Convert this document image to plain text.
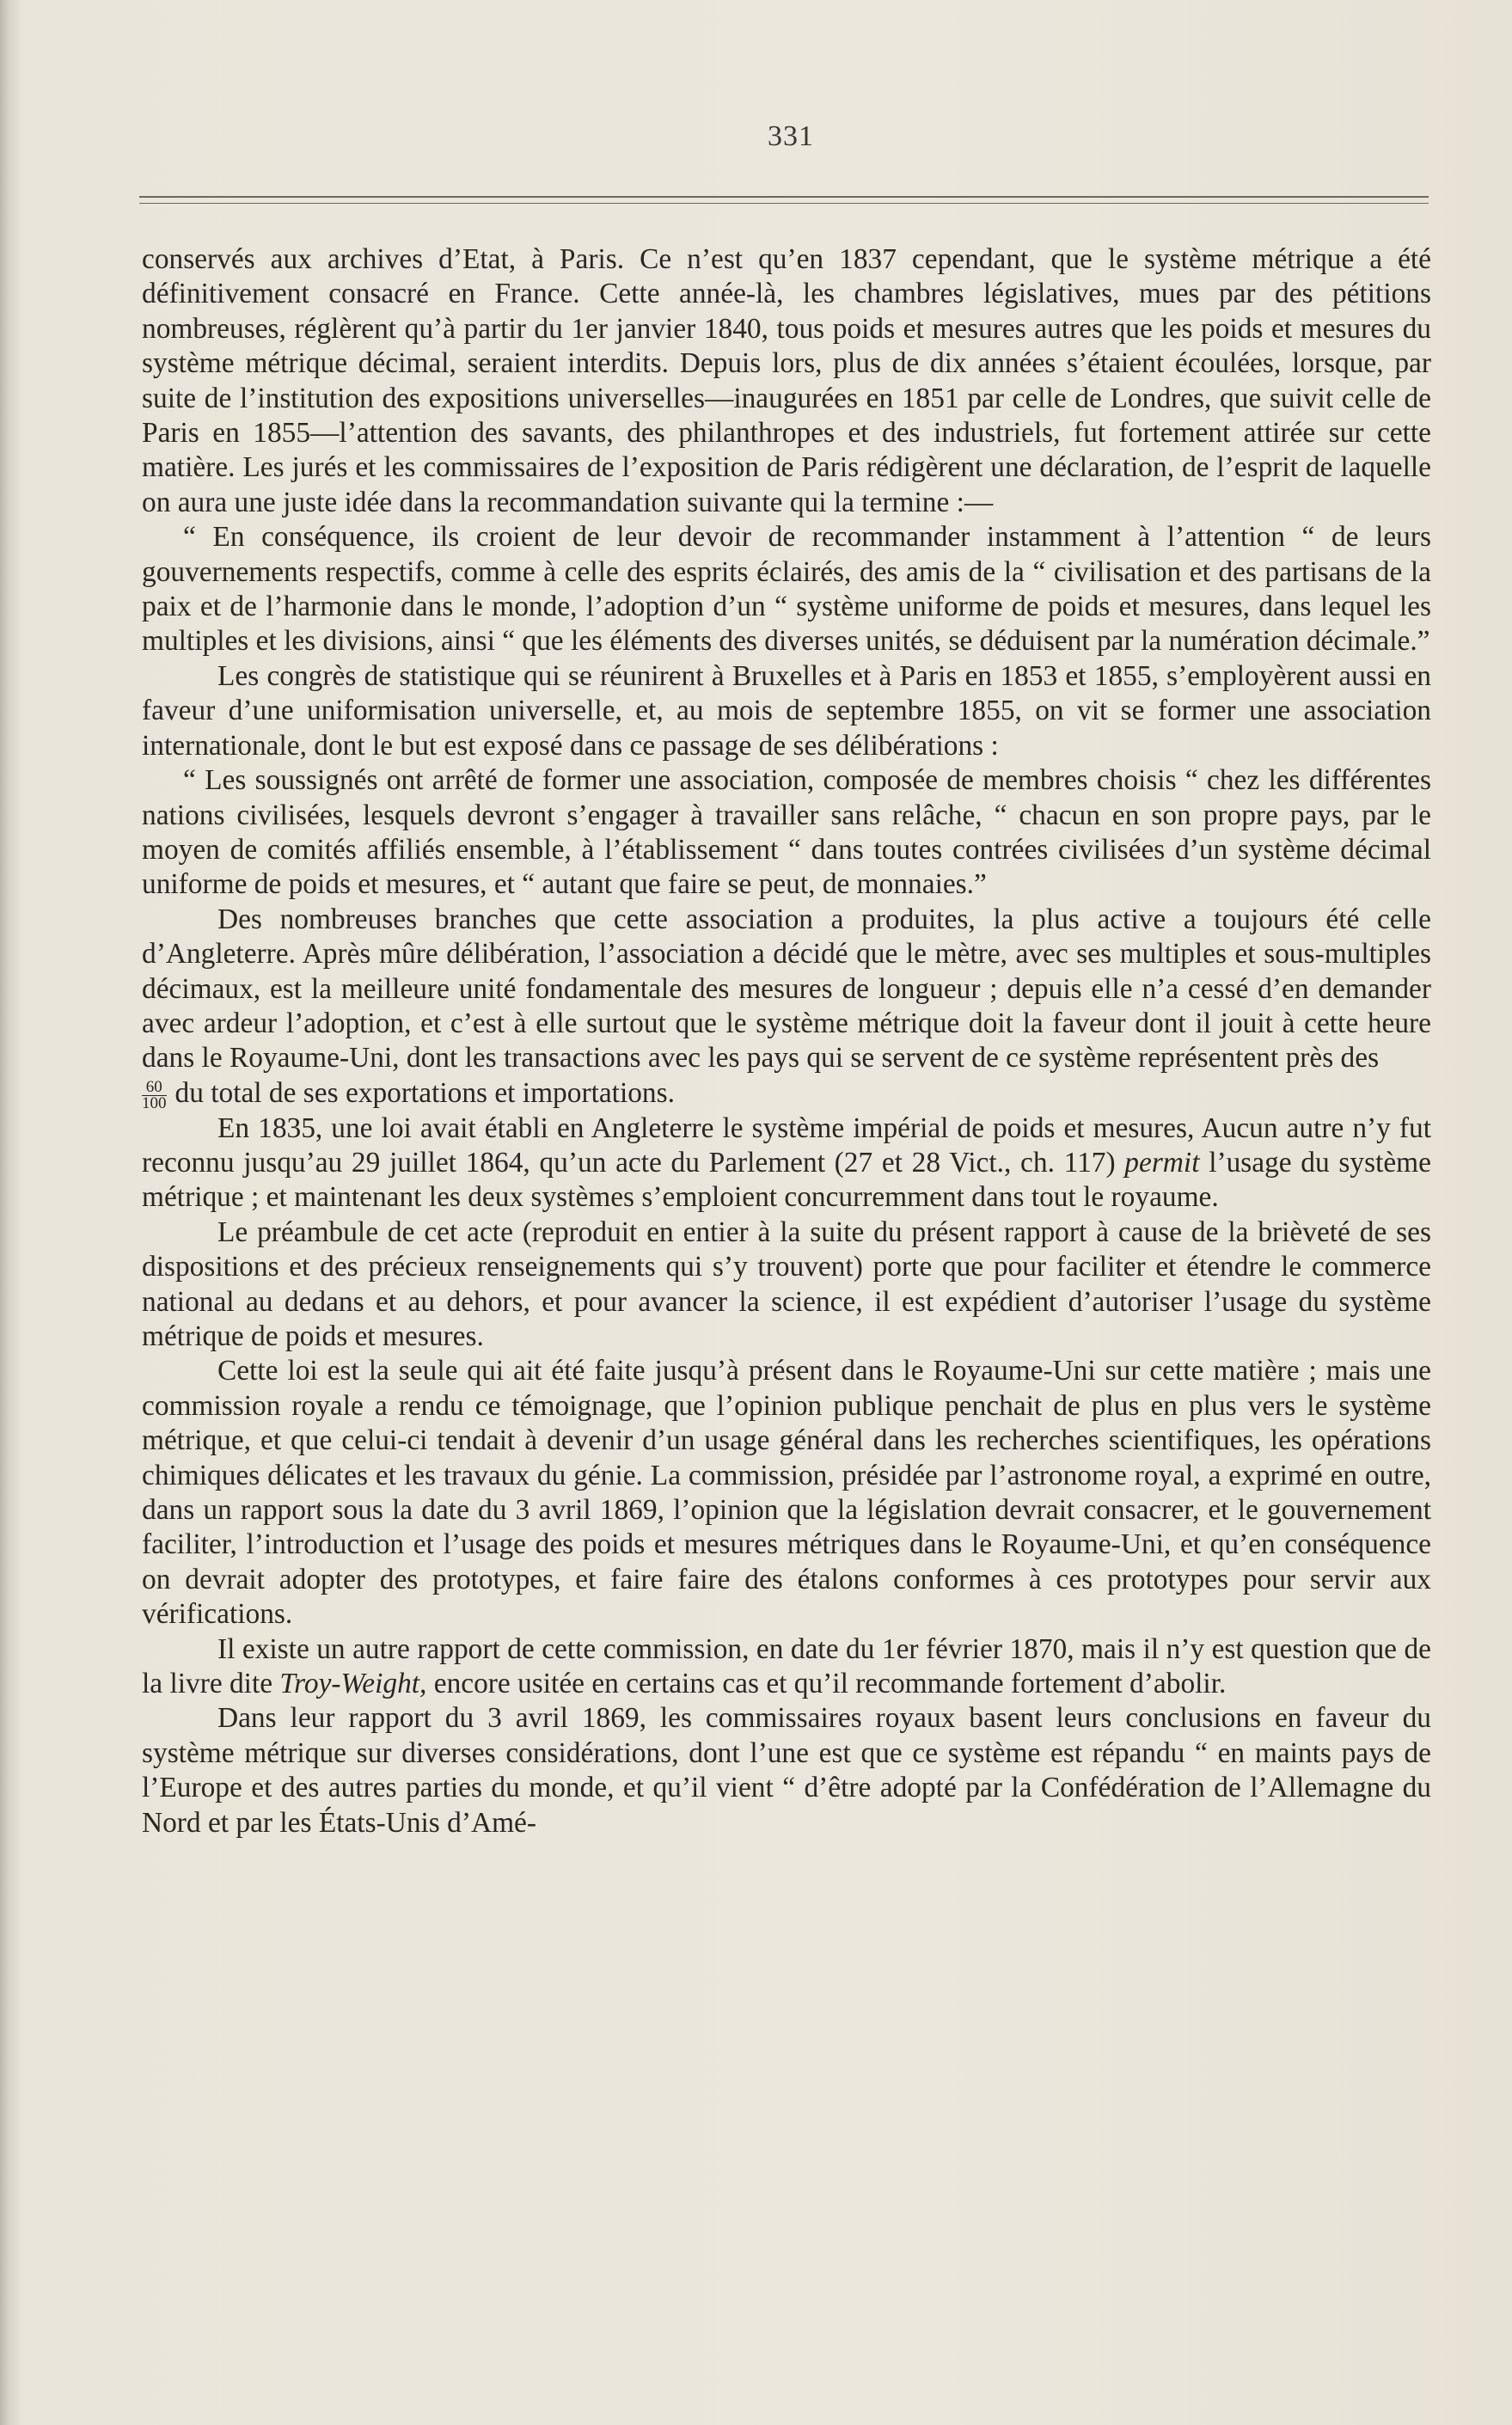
331

conservés aux archives d’Etat, à Paris. Ce n’est qu’en 1837 cependant, que le système métrique a été définitivement consacré en France. Cette année-là, les chambres législatives, mues par des pétitions nombreuses, réglèrent qu’à partir du 1er janvier 1840, tous poids et mesures autres que les poids et mesures du système métrique décimal, seraient interdits. Depuis lors, plus de dix années s’étaient écoulées, lorsque, par suite de l’institution des expositions universelles—inaugurées en 1851 par celle de Londres, que suivit celle de Paris en 1855—l’attention des savants, des philanthropes et des industriels, fut fortement attirée sur cette matière. Les jurés et les commissaires de l’exposition de Paris rédigèrent une déclaration, de l’esprit de laquelle on aura une juste idée dans la recommandation suivante qui la termine :—

“ En conséquence, ils croient de leur devoir de recommander instamment à l’attention “ de leurs gouvernements respectifs, comme à celle des esprits éclairés, des amis de la “ civilisation et des partisans de la paix et de l’harmonie dans le monde, l’adoption d’un “ système uniforme de poids et mesures, dans lequel les multiples et les divisions, ainsi “ que les éléments des diverses unités, se déduisent par la numération décimale.”

Les congrès de statistique qui se réunirent à Bruxelles et à Paris en 1853 et 1855, s’employèrent aussi en faveur d’une uniformisation universelle, et, au mois de septembre 1855, on vit se former une association internationale, dont le but est exposé dans ce passage de ses délibérations :

“ Les soussignés ont arrêté de former une association, composée de membres choisis “ chez les différentes nations civilisées, lesquels devront s’engager à travailler sans relâche, “ chacun en son propre pays, par le moyen de comités affiliés ensemble, à l’établissement “ dans toutes contrées civilisées d’un système décimal uniforme de poids et mesures, et “ autant que faire se peut, de monnaies.”

Des nombreuses branches que cette association a produites, la plus active a toujours été celle d’Angleterre. Après mûre délibération, l’association a décidé que le mètre, avec ses multiples et sous-multiples décimaux, est la meilleure unité fondamentale des mesures de longueur ; depuis elle n’a cessé d’en demander avec ardeur l’adoption, et c’est à elle surtout que le système métrique doit la faveur dont il jouit à cette heure dans le Royaume-Uni, dont les transactions avec les pays qui se servent de ce système représentent près des

$\frac{60}{100}$ du total de ses exportations et importations.

En 1835, une loi avait établi en Angleterre le système impérial de poids et mesures, Aucun autre n’y fut reconnu jusqu’au 29 juillet 1864, qu’un acte du Parlement (27 et 28 Vict., ch. 117) permit l’usage du système métrique ; et maintenant les deux systèmes s’emploient concurremment dans tout le royaume.

Le préambule de cet acte (reproduit en entier à la suite du présent rapport à cause de la brièveté de ses dispositions et des précieux renseignements qui s’y trouvent) porte que pour faciliter et étendre le commerce national au dedans et au dehors, et pour avancer la science, il est expédient d’autoriser l’usage du système métrique de poids et mesures.

Cette loi est la seule qui ait été faite jusqu’à présent dans le Royaume-Uni sur cette matière ; mais une commission royale a rendu ce témoignage, que l’opinion publique penchait de plus en plus vers le système métrique, et que celui-ci tendait à devenir d’un usage général dans les recherches scientifiques, les opérations chimiques délicates et les travaux du génie. La commission, présidée par l’astronome royal, a exprimé en outre, dans un rapport sous la date du 3 avril 1869, l’opinion que la législation devrait consacrer, et le gouvernement faciliter, l’introduction et l’usage des poids et mesures métriques dans le Royaume-Uni, et qu’en conséquence on devrait adopter des prototypes, et faire faire des étalons conformes à ces prototypes pour servir aux vérifications.

Il existe un autre rapport de cette commission, en date du 1er février 1870, mais il n’y est question que de la livre dite Troy-Weight, encore usitée en certains cas et qu’il recommande fortement d’abolir.

Dans leur rapport du 3 avril 1869, les commissaires royaux basent leurs conclusions en faveur du système métrique sur diverses considérations, dont l’une est que ce système est répandu “ en maints pays de l’Europe et des autres parties du monde, et qu’il vient “ d’être adopté par la Confédération de l’Allemagne du Nord et par les États-Unis d’Amé-
